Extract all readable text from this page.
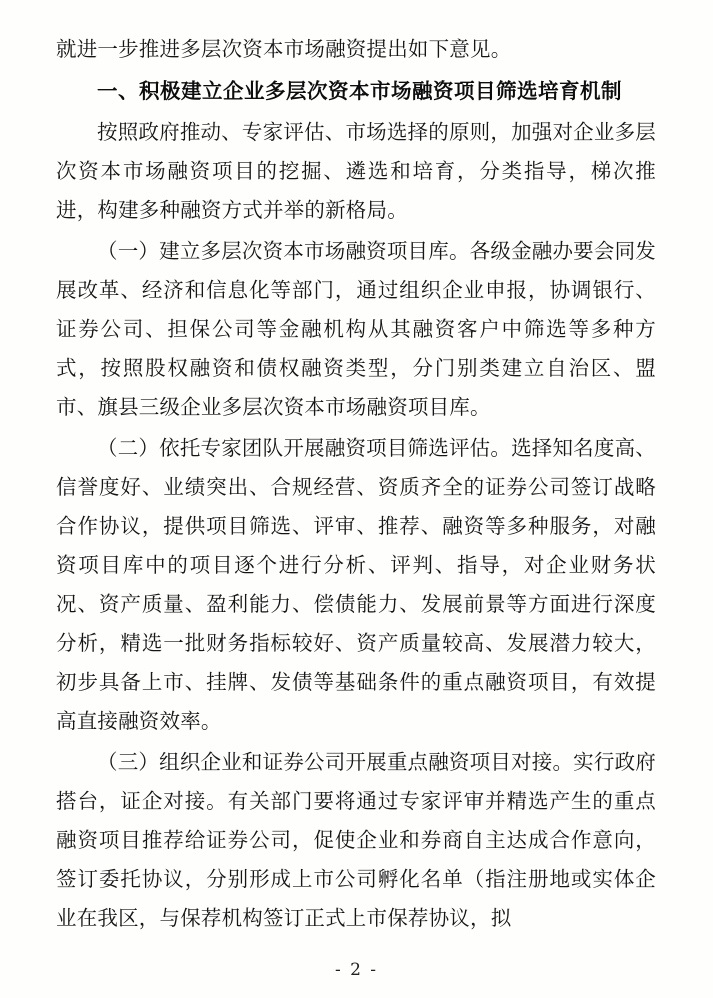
就进一步推进多层次资本市场融资提出如下意见。

一、积极建立企业多层次资本市场融资项目筛选培育机制

按照政府推动、专家评估、市场选择的原则，加强对企业多层次资本市场融资项目的挖掘、遴选和培育，分类指导，梯次推进，构建多种融资方式并举的新格局。

（一）建立多层次资本市场融资项目库。各级金融办要会同发展改革、经济和信息化等部门，通过组织企业申报，协调银行、证券公司、担保公司等金融机构从其融资客户中筛选等多种方式，按照股权融资和债权融资类型，分门别类建立自治区、盟市、旗县三级企业多层次资本市场融资项目库。

（二）依托专家团队开展融资项目筛选评估。选择知名度高、信誉度好、业绩突出、合规经营、资质齐全的证券公司签订战略合作协议，提供项目筛选、评审、推荐、融资等多种服务，对融资项目库中的项目逐个进行分析、评判、指导，对企业财务状况、资产质量、盈利能力、偿债能力、发展前景等方面进行深度分析，精选一批财务指标较好、资产质量较高、发展潜力较大，初步具备上市、挂牌、发债等基础条件的重点融资项目，有效提高直接融资效率。

（三）组织企业和证券公司开展重点融资项目对接。实行政府搭台，证企对接。有关部门要将通过专家评审并精选产生的重点融资项目推荐给证券公司，促使企业和券商自主达成合作意向，签订委托协议，分别形成上市公司孵化名单（指注册地或实体企业在我区，与保荐机构签订正式上市保荐协议，拟

- 2 -
